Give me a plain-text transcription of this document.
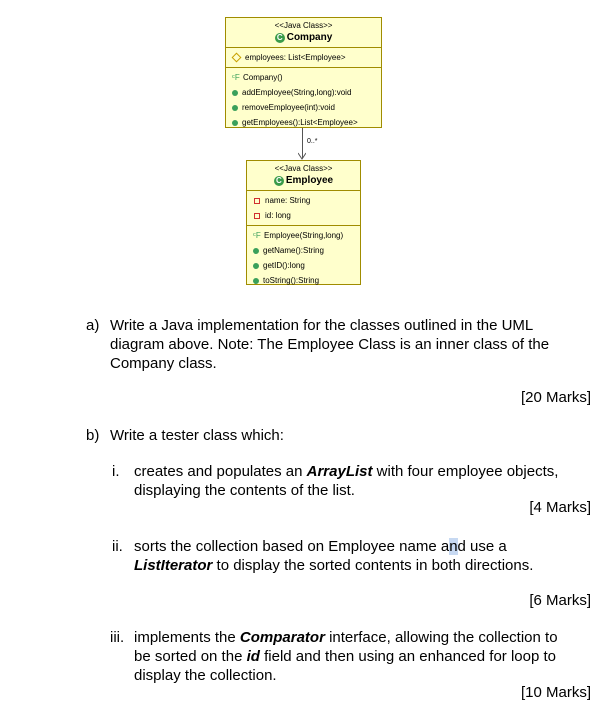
<<Java Class>>
C Company
employees: List<Employee>
ᶜF Company()
addEmployee(String,long):void
removeEmployee(int):void
getEmployees():List<Employee>
0..*
<<Java Class>>
C Employee
name: String
id: long
ᶜF Employee(String,long)
getName():String
getID():long
toString():String
a) Write a Java implementation for the classes outlined in the UML
diagram above. Note: The Employee Class is an inner class of the
Company class.
[20 Marks]
b) Write a tester class which:
i. creates and populates an ArrayList with four employee objects,
displaying the contents of the list.
[4 Marks]
ii. sorts the collection based on Employee name and use a
ListIterator to display the sorted contents in both directions.
[6 Marks]
iii. implements the Comparator interface, allowing the collection to
be sorted on the id field and then using an enhanced for loop to
display the collection.
[10 Marks]
